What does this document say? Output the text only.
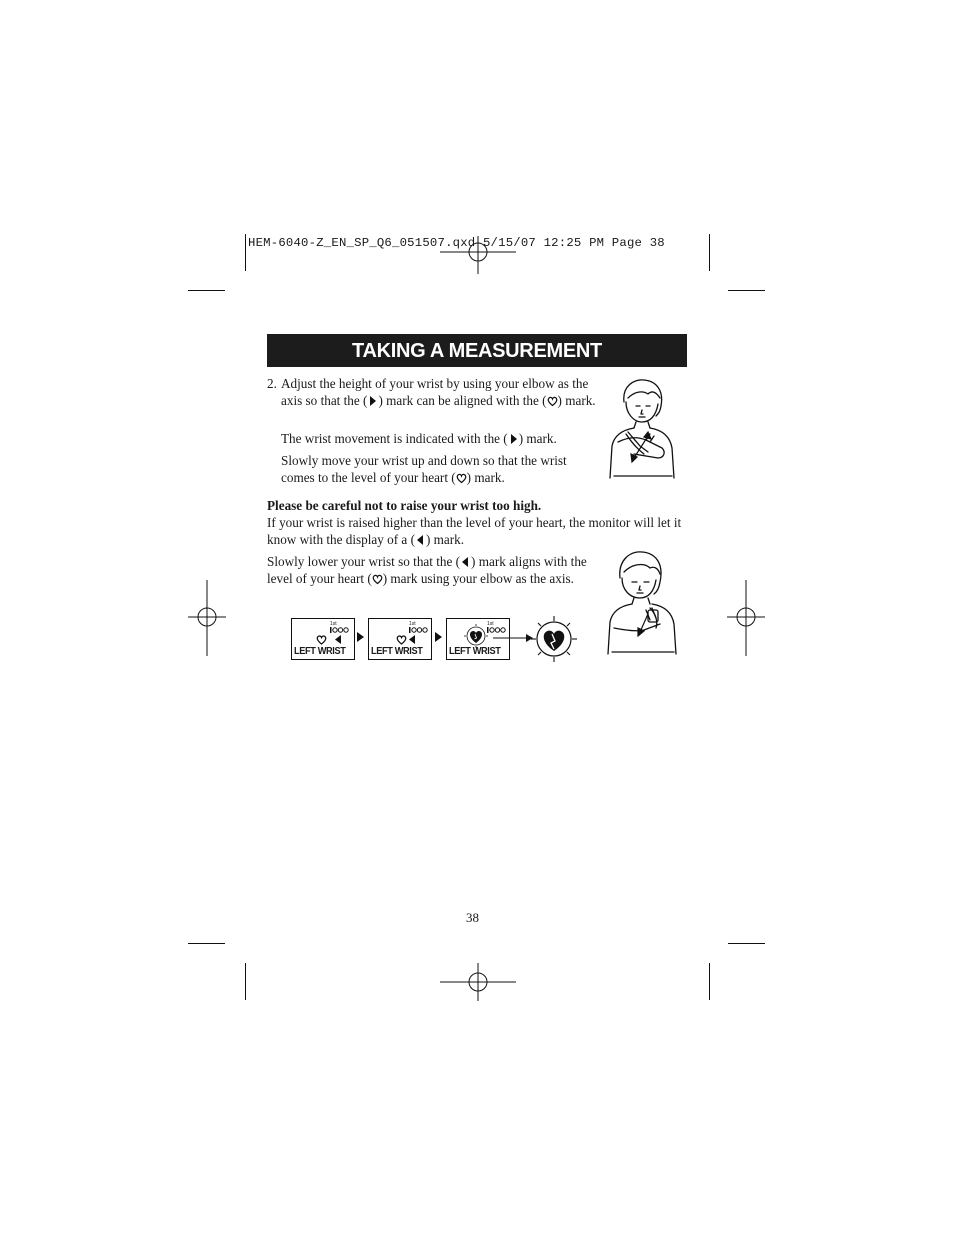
HEM-6040-Z_EN_SP_Q6_051507.qxd 5/15/07 12:25 PM Page 38
TAKING A MEASUREMENT
2. Adjust the height of your wrist by using your elbow as the axis so that the ( ) mark can be aligned with the ( ) mark.
The wrist movement is indicated with the ( ) mark.
Slowly move your wrist up and down so that the wrist comes to the level of your heart ( ) mark.
Please be careful not to raise your wrist too high.
If your wrist is raised higher than the level of your heart, the monitor will let it know with the display of a ( ) mark.
Slowly lower your wrist so that the ( ) mark aligns with the level of your heart ( ) mark using your elbow as the axis.
1st
LEFT WRIST
1st
LEFT WRIST
1st
LEFT WRIST
38
